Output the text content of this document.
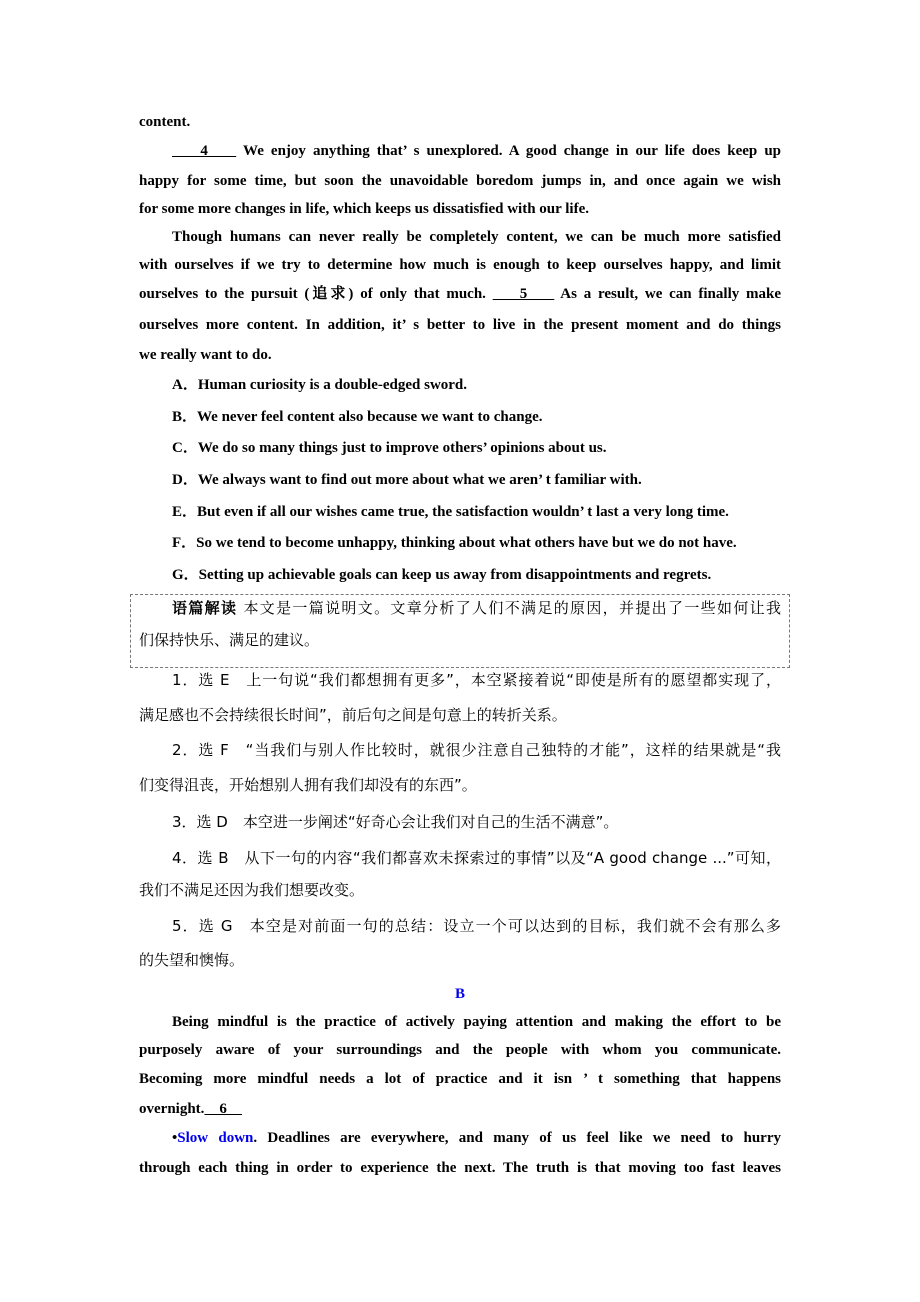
content.
4     We enjoy anything that’ s unexplored. A good change in our life does keep up
happy for some time, but soon the unavoidable boredom jumps in, and once again we wish
for some more changes in life, which keeps us dissatisfied with our life.
Though humans can never really be completely content, we can be much more satisfied
with ourselves if we try to determine how much is enough to keep ourselves happy, and limit
ourselves to the pursuit (追求) of only that much.     5     As a result, we can finally make
ourselves more content. In addition, it’ s better to live in the present moment and do things
we really want to do.
A．Human curiosity is a double-edged sword.
B．We never feel content also because we want to change.
C．We do so many things just to improve others’ opinions about us.
D．We always want to find out more about what we aren’ t familiar with.
E．But even if all our wishes came true, the satisfaction wouldn’ t last a very long time.
F．So we tend to become unhappy, thinking about what others have but we do not have.
G．Setting up achievable goals can keep us away from disappointments and regrets.
语篇解读 本文是一篇说明文。文章分析了人们不满足的原因，并提出了一些如何让我
们保持快乐、满足的建议。
1．选 E　上一句说“我们都想拥有更多”，本空紧接着说“即使是所有的愿望都实现了，
满足感也不会持续很长时间”，前后句之间是句意上的转折关系。
2．选 F　“当我们与别人作比较时，就很少注意自己独特的才能”，这样的结果就是“我
们变得沮丧，开始想别人拥有我们却没有的东西”。
3．选 D　本空进一步阐述“好奇心会让我们对自己的生活不满意”。
4．选 B　从下一句的内容“我们都喜欢未探索过的事情”以及“A good change ...”可知，
我们不满足还因为我们想要改变。
5．选 G　本空是对前面一句的总结：设立一个可以达到的目标，我们就不会有那么多
的失望和懊悔。
B
Being mindful is the practice of actively paying attention and making the effort to be
purposely aware of your surroundings and the people with whom you communicate.
Becoming more mindful needs a lot of practice and it isn ’ t something that happens
overnight.    6
•Slow down. Deadlines are everywhere, and many of us feel like we need to hurry
through each thing in order to experience the next. The truth is that moving too fast leaves
